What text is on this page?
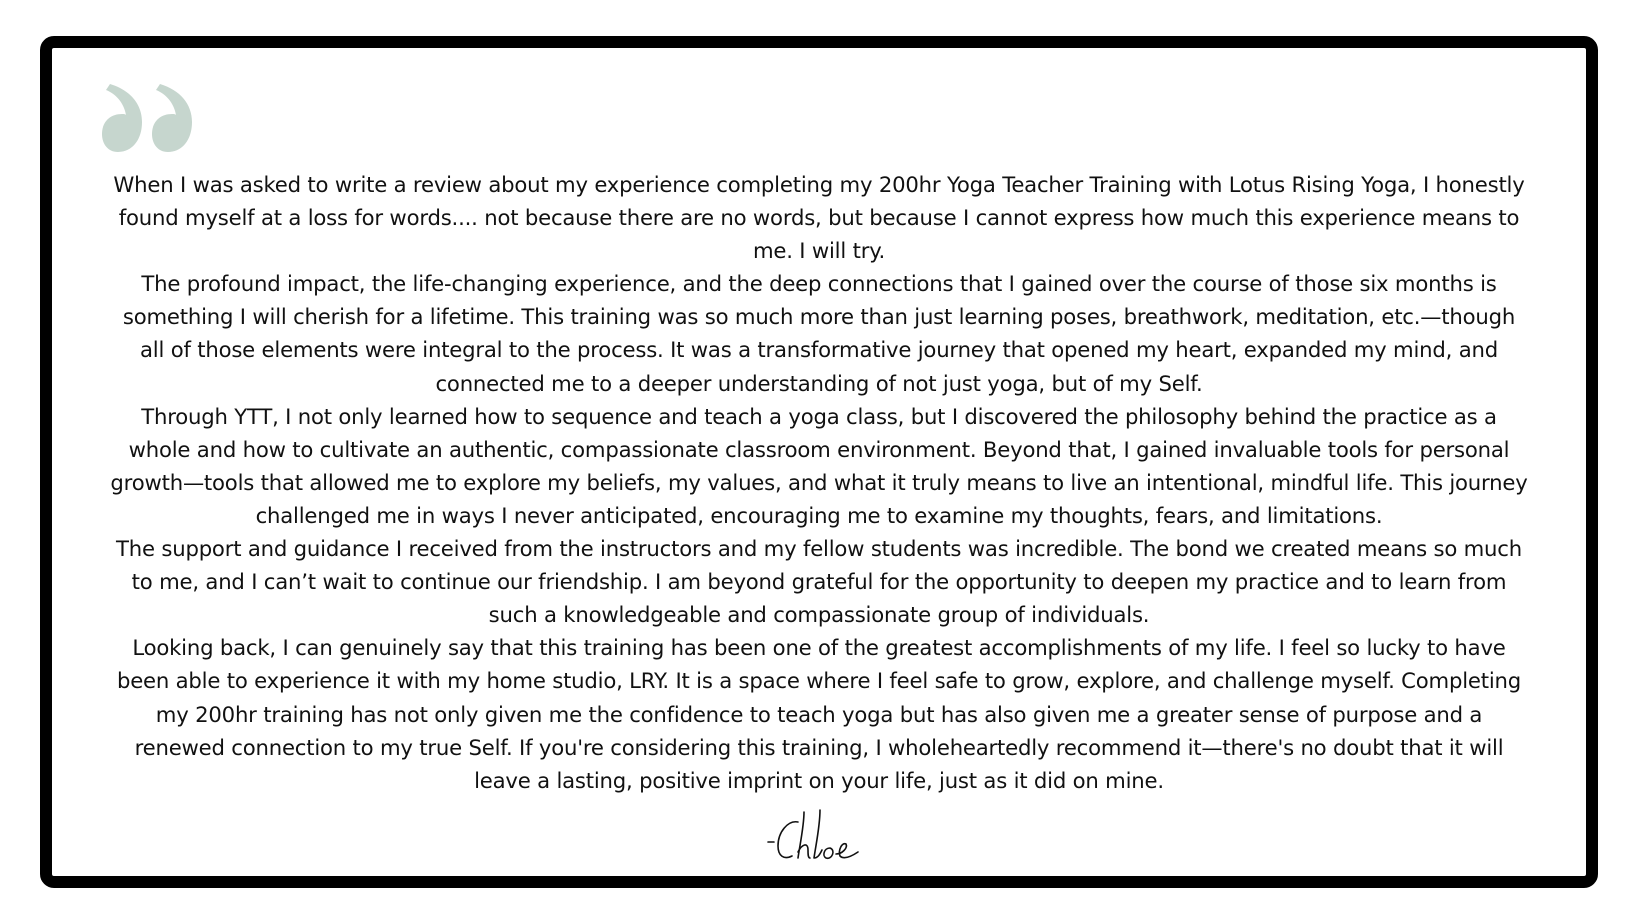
When I was asked to write a review about my experience completing my 200hr Yoga Teacher Training with Lotus Rising Yoga, I honestly found myself at a loss for words.... not because there are no words, but because I cannot express how much this experience means to me. I will try.

The profound impact, the life-changing experience, and the deep connections that I gained over the course of those six months is something I will cherish for a lifetime. This training was so much more than just learning poses, breathwork, meditation, etc.—though all of those elements were integral to the process. It was a transformative journey that opened my heart, expanded my mind, and connected me to a deeper understanding of not just yoga, but of my Self.

Through YTT, I not only learned how to sequence and teach a yoga class, but I discovered the philosophy behind the practice as a whole and how to cultivate an authentic, compassionate classroom environment. Beyond that, I gained invaluable tools for personal growth—tools that allowed me to explore my beliefs, my values, and what it truly means to live an intentional, mindful life. This journey challenged me in ways I never anticipated, encouraging me to examine my thoughts, fears, and limitations.

The support and guidance I received from the instructors and my fellow students was incredible. The bond we created means so much to me, and I can’t wait to continue our friendship. I am beyond grateful for the opportunity to deepen my practice and to learn from such a knowledgeable and compassionate group of individuals.

Looking back, I can genuinely say that this training has been one of the greatest accomplishments of my life. I feel so lucky to have been able to experience it with my home studio, LRY. It is a space where I feel safe to grow, explore, and challenge myself. Completing my 200hr training has not only given me the confidence to teach yoga but has also given me a greater sense of purpose and a renewed connection to my true Self. If you're considering this training, I wholeheartedly recommend it—there's no doubt that it will leave a lasting, positive imprint on your life, just as it did on mine.
